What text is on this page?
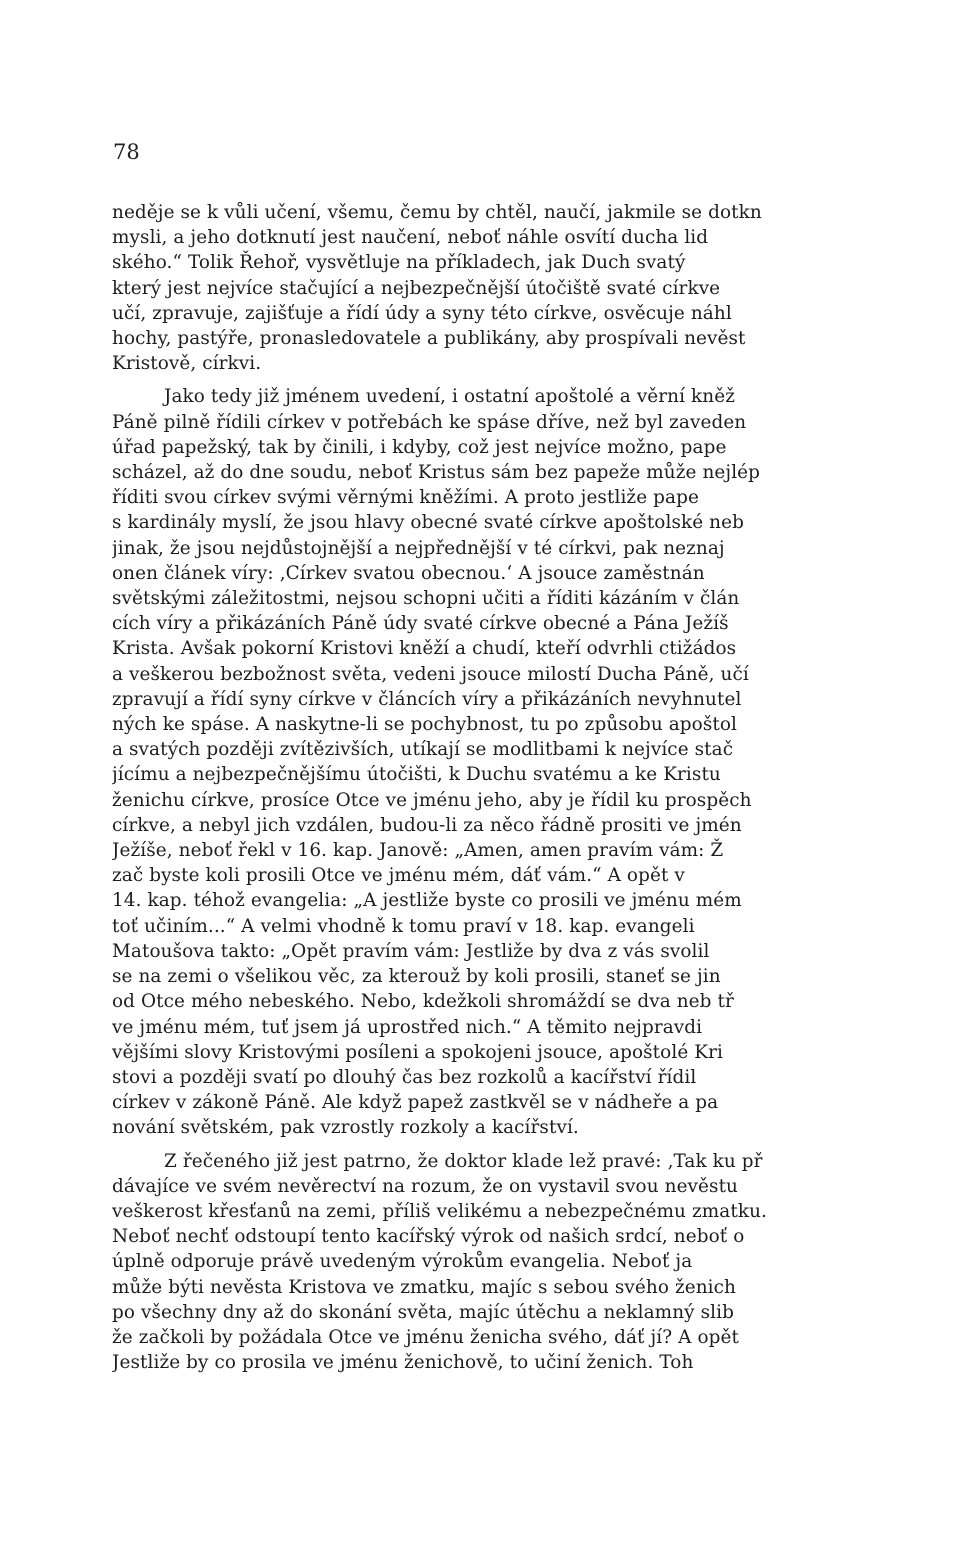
78
neděje se k vůli učení, všemu, čemu by chtěl, naučí, jakmile se dotkn
mysli, a jeho dotknutí jest naučení, neboť náhle osvítí ducha lid
ského.“ Tolik Řehoř, vysvětluje na příkladech, jak Duch svatý
který jest nejvíce stačující a nejbezpečnější útočiště svaté církve
učí, zpravuje, zajišťuje a řídí údy a syny této církve, osvěcuje náhl
hochy, pastýře, pronasledovatele a publikány, aby prospívali nevěst
Kristově, církvi.
Jako tedy již jménem uvedení, i ostatní apoštolé a věrní kněž
Páně pilně řídili církev v potřebách ke spáse dříve, než byl zaveden
úřad papežský, tak by činili, i kdyby, což jest nejvíce možno, pape
scházel, až do dne soudu, neboť Kristus sám bez papeže může nejlép
říditi svou církev svými věrnými kněžími. A proto jestliže pape
s kardinály myslí, že jsou hlavy obecné svaté církve apoštolské neb
jinak, že jsou nejdůstojnější a nejpřednější v té církvi, pak neznaj
onen článek víry: ‚Církev svatou obecnou.‘ A jsouce zaměstnán
světskými záležitostmi, nejsou schopni učiti a říditi kázáním v člán
cích víry a přikázáních Páně údy svaté církve obecné a Pána Ježíš
Krista. Avšak pokorní Kristovi kněží a chudí, kteří odvrhli ctižádos
a veškerou bezbožnost světa, vedeni jsouce milostí Ducha Páně, učí
zpravují a řídí syny církve v článcích víry a přikázáních nevyhnutel
ných ke spáse. A naskytne-li se pochybnost, tu po způsobu apoštol
a svatých později zvítězivších, utíkají se modlitbami k nejvíce stač
jícímu a nejbezpečnějšímu útočišti, k Duchu svatému a ke Kristu
ženichu církve, prosíce Otce ve jménu jeho, aby je řídil ku prospěch
církve, a nebyl jich vzdálen, budou-li za něco řádně prositi ve jmén
Ježíše, neboť řekl v 16. kap. Janově: „Amen, amen pravím vám: Ž
zač byste koli prosili Otce ve jménu mém, dáť vám.“ A opět v
14. kap. téhož evangelia: „A jestliže byste co prosili ve jménu mém
toť učiním...“ A velmi vhodně k tomu praví v 18. kap. evangeli
Matoušova takto: „Opět pravím vám: Jestliže by dva z vás svolil
se na zemi o všelikou věc, za kterouž by koli prosili, staneť se jin
od Otce mého nebeského. Nebo, kdežkoli shromáždí se dva neb tř
ve jménu mém, tuť jsem já uprostřed nich.“ A těmito nejpravdi
vějšími slovy Kristovými posíleni a spokojeni jsouce, apoštolé Kri
stovi a později svatí po dlouhý čas bez rozkolů a kacířství řídil
církev v zákoně Páně. Ale když papež zastkvěl se v nádheře a pa
nování světském, pak vzrostly rozkoly a kacířství.
Z řečeného již jest patrno, že doktor klade lež pravé: ‚Tak ku př
dávajíce ve svém nevěrectví na rozum, že on vystavil svou nevěstu
veškerost křesťanů na zemi, příliš velikému a nebezpečnému zmatku.
Neboť nechť odstoupí tento kacířský výrok od našich srdcí, neboť o
úplně odporuje právě uvedeným výrokům evangelia. Neboť ja
může býti nevěsta Kristova ve zmatku, majíc s sebou svého ženich
po všechny dny až do skonání světa, majíc útěchu a neklamný slib
že začkoli by požádala Otce ve jménu ženicha svého, dáť jí? A opět
Jestliže by co prosila ve jménu ženichově, to učiní ženich. Toh
